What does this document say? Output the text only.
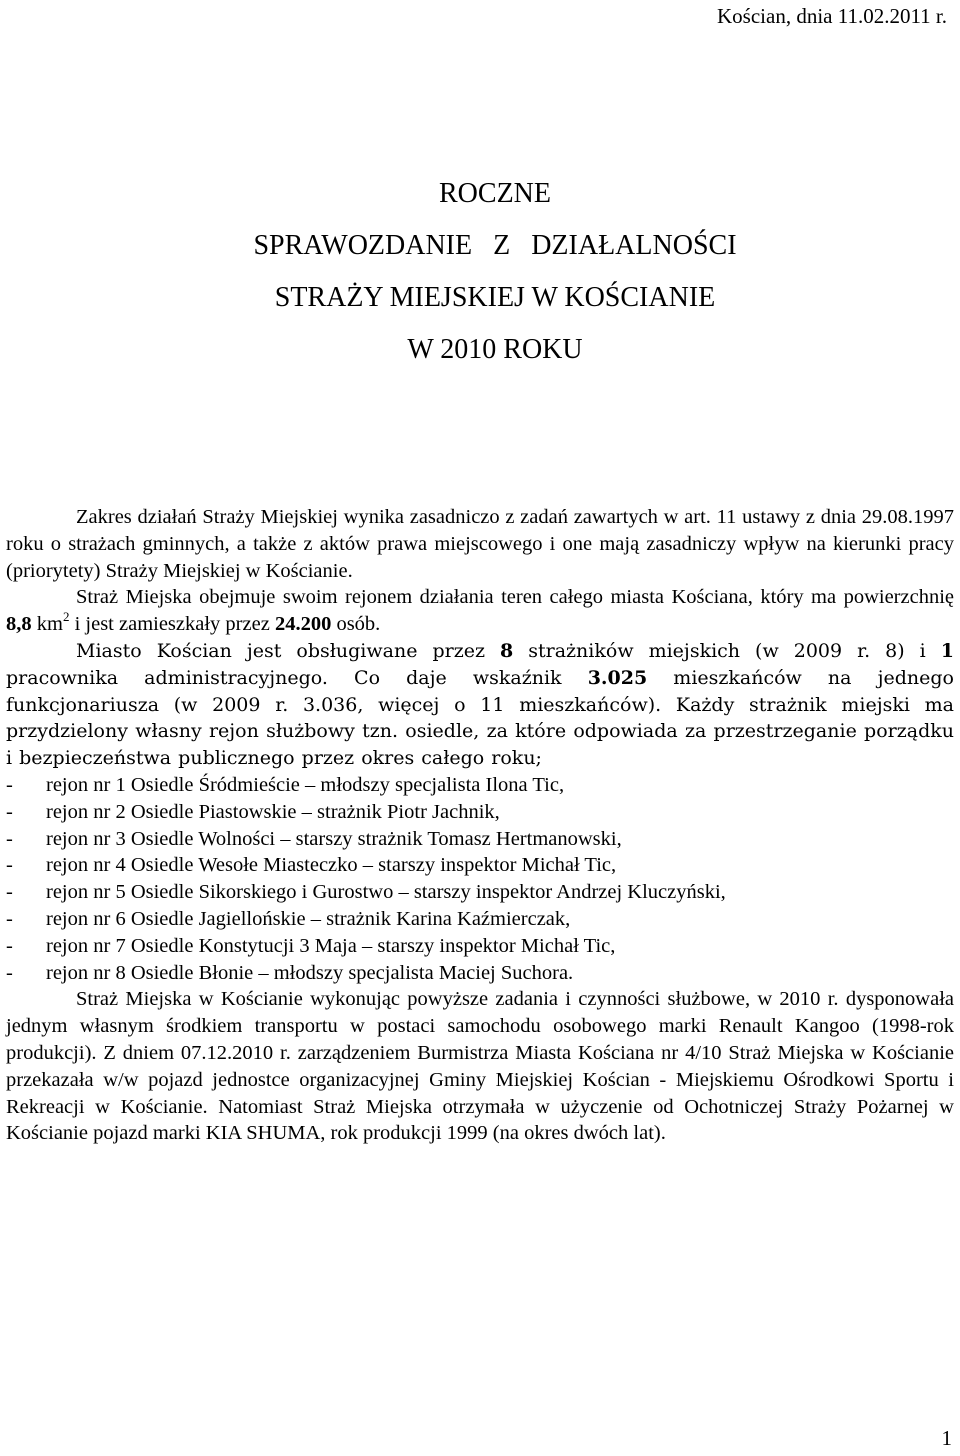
Kościan, dnia 11.02.2011 r.
ROCZNE
SPRAWOZDANIE   Z   DZIAŁALNOŚCI
STRAŻY MIEJSKIEJ W KOŚCIANIE
W 2010 ROKU

Zakres działań Straży Miejskiej wynika zasadniczo z zadań zawartych w art. 11 ustawy z dnia 29.08.1997 roku o strażach gminnych, a także z aktów prawa miejscowego i one mają zasadniczy wpływ na kierunki pracy (priorytety) Straży Miejskiej w Kościanie.

Straż Miejska obejmuje swoim rejonem działania teren całego miasta Kościana, który ma powierzchnię 8,8 $km^2$ i jest zamieszkały przez 24.200 osób.

Miasto Kościan jest obsługiwane przez 8 strażników miejskich (w 2009 r. 8) i 1 pracownika administracyjnego. Co daje wskaźnik 3.025 mieszkańców na jednego funkcjonariusza (w 2009 r. 3.036, więcej o 11 mieszkańców). Każdy strażnik miejski ma przydzielony własny rejon służbowy tzn. osiedle, za które odpowiada za przestrzeganie porządku i bezpieczeństwa publicznego przez okres całego roku;

- rejon nr 1 Osiedle Śródmieście – młodszy specjalista Ilona Tic,
- rejon nr 2 Osiedle Piastowskie – strażnik Piotr Jachnik,
- rejon nr 3 Osiedle Wolności – starszy strażnik Tomasz Hertmanowski,
- rejon nr 4 Osiedle Wesołe Miasteczko – starszy inspektor Michał Tic,
- rejon nr 5 Osiedle Sikorskiego i Gurostwo – starszy inspektor Andrzej Kluczyński,
- rejon nr 6 Osiedle Jagiellońskie – strażnik Karina Kaźmierczak,
- rejon nr 7 Osiedle Konstytucji 3 Maja – starszy inspektor Michał Tic,
- rejon nr 8 Osiedle Błonie – młodszy specjalista Maciej Suchora.

Straż Miejska w Kościanie wykonując powyższe zadania i czynności służbowe, w 2010 r. dysponowała jednym własnym środkiem transportu w postaci samochodu osobowego marki Renault Kangoo (1998-rok produkcji). Z dniem 07.12.2010 r. zarządzeniem Burmistrza Miasta Kościana nr 4/10 Straż Miejska w Kościanie przekazała w/w pojazd jednostce organizacyjnej Gminy Miejskiej Kościan - Miejskiemu Ośrodkowi Sportu i Rekreacji w Kościanie. Natomiast Straż Miejska otrzymała w użyczenie od Ochotniczej Straży Pożarnej w Kościanie pojazd marki KIA SHUMA, rok produkcji 1999 (na okres dwóch lat).

1
